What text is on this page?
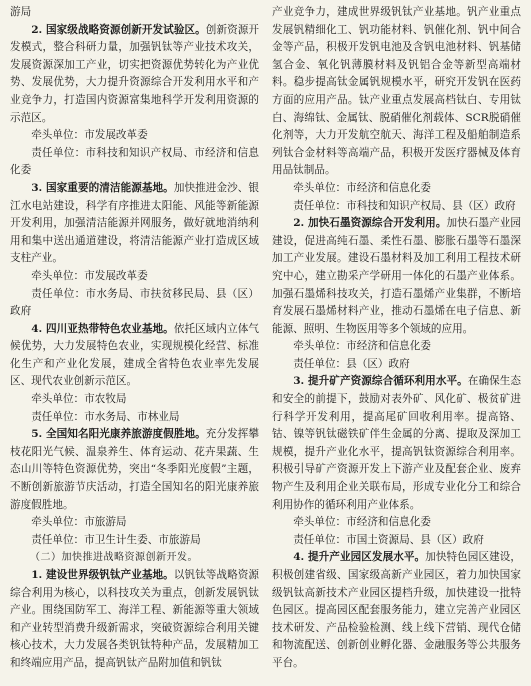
游局

2. 国家级战略资源创新开发试验区。创新资源开发模式，整合科研力量，加强钒钛等产业技术攻关，发展资源深加工产业，切实把资源优势转化为产业优势、发展优势，大力提升资源综合开发利用水平和产业竞争力，打造国内资源富集地科学开发利用资源的示范区。

牵头单位：市发展改革委

责任单位：市科技和知识产权局、市经济和信息化委

3. 国家重要的清洁能源基地。加快推进金沙、银江水电站建设，科学有序推进太阳能、风能等新能源开发利用，加强清洁能源并网服务，做好就地消纳利用和集中送出通道建设，将清洁能源产业打造成区域支柱产业。

牵头单位：市发展改革委

责任单位：市水务局、市扶贫移民局、县（区）政府

4. 四川亚热带特色农业基地。依托区域内立体气候优势，大力发展特色农业，实现规模化经营、标准化生产和产业化发展，建成全省特色农业率先发展区、现代农业创新示范区。

牵头单位：市农牧局

责任单位：市水务局、市林业局

5. 全国知名阳光康养旅游度假胜地。充分发挥攀枝花阳光气候、温泉养生、体育运动、花卉果蔬、生态山川等特色资源优势，突出“冬季阳光度假”主题，不断创新旅游节庆活动，打造全国知名的阳光康养旅游度假胜地。

牵头单位：市旅游局

责任单位：市卫生计生委、市旅游局

（二）加快推进战略资源创新开发。

1. 建设世界级钒钛产业基地。以钒钛等战略资源综合利用为核心，以科技攻关为重点，创新发展钒钛产业。围绕国防军工、海洋工程、新能源等重大领域和产业转型消费升级新需求，突破资源综合利用关键核心技术，大力发展各类钒钛特种产品，发展精加工和终端应用产品，提高钒钛产品附加值和钒钛

产业竞争力，建成世界级钒钛产业基地。钒产业重点发展钒精细化工、钒功能材料、钒催化剂、钒中间合金等产品，积极开发钒电池及含钒电池材料、钒基储氢合金、氧化钒薄膜材料及钒铝合金等新型高端材料。稳步提高钛金属钒规模水平，研究开发钒在医药方面的应用产品。钛产业重点发展高档钛白、专用钛白、海绵钛、金属钛、脱硝催化剂载体、SCR脱硝催化剂等，大力开发航空航天、海洋工程及船舶制造系列钛合金材料等高端产品，积极开发医疗器械及体育用品钛制品。

牵头单位：市经济和信息化委

责任单位：市科技和知识产权局、县（区）政府

2. 加快石墨资源综合开发利用。加快石墨产业园建设，促进高纯石墨、柔性石墨、膨胀石墨等石墨深加工产业发展。建设石墨材料及加工利用工程技术研究中心，建立勘采产学研用一体化的石墨产业体系。加强石墨烯科技攻关，打造石墨烯产业集群，不断培育发展石墨烯材料产业，推动石墨烯在电子信息、新能源、照明、生物医用等多个领域的应用。

牵头单位：市经济和信息化委

责任单位：县（区）政府

3. 提升矿产资源综合循环利用水平。在确保生态和安全的前提下，鼓励对表外矿、风化矿、极贫矿进行科学开发利用，提高尾矿回收利用率。提高铬、钴、镍等钒钛磁铁矿伴生金属的分离、提取及深加工规模，提升产业化水平，提高钒钛资源综合利用率。积极引导矿产资源开发上下游产业及配套企业、废弃物产生及利用企业关联布局，形成专业化分工和综合利用协作的循环利用产业体系。

牵头单位：市经济和信息化委

责任单位：市国土资源局、县（区）政府

4. 提升产业园区发展水平。加快特色园区建设，积极创建省级、国家级高新产业园区，着力加快国家级钒钛高新技术产业园区提档升级，加快建设一批特色园区。提高园区配套服务能力，建立完善产业园区技术研发、产品检验检测、线上线下营销、现代仓储和物流配送、创新创业孵化器、金融服务等公共服务平台。
